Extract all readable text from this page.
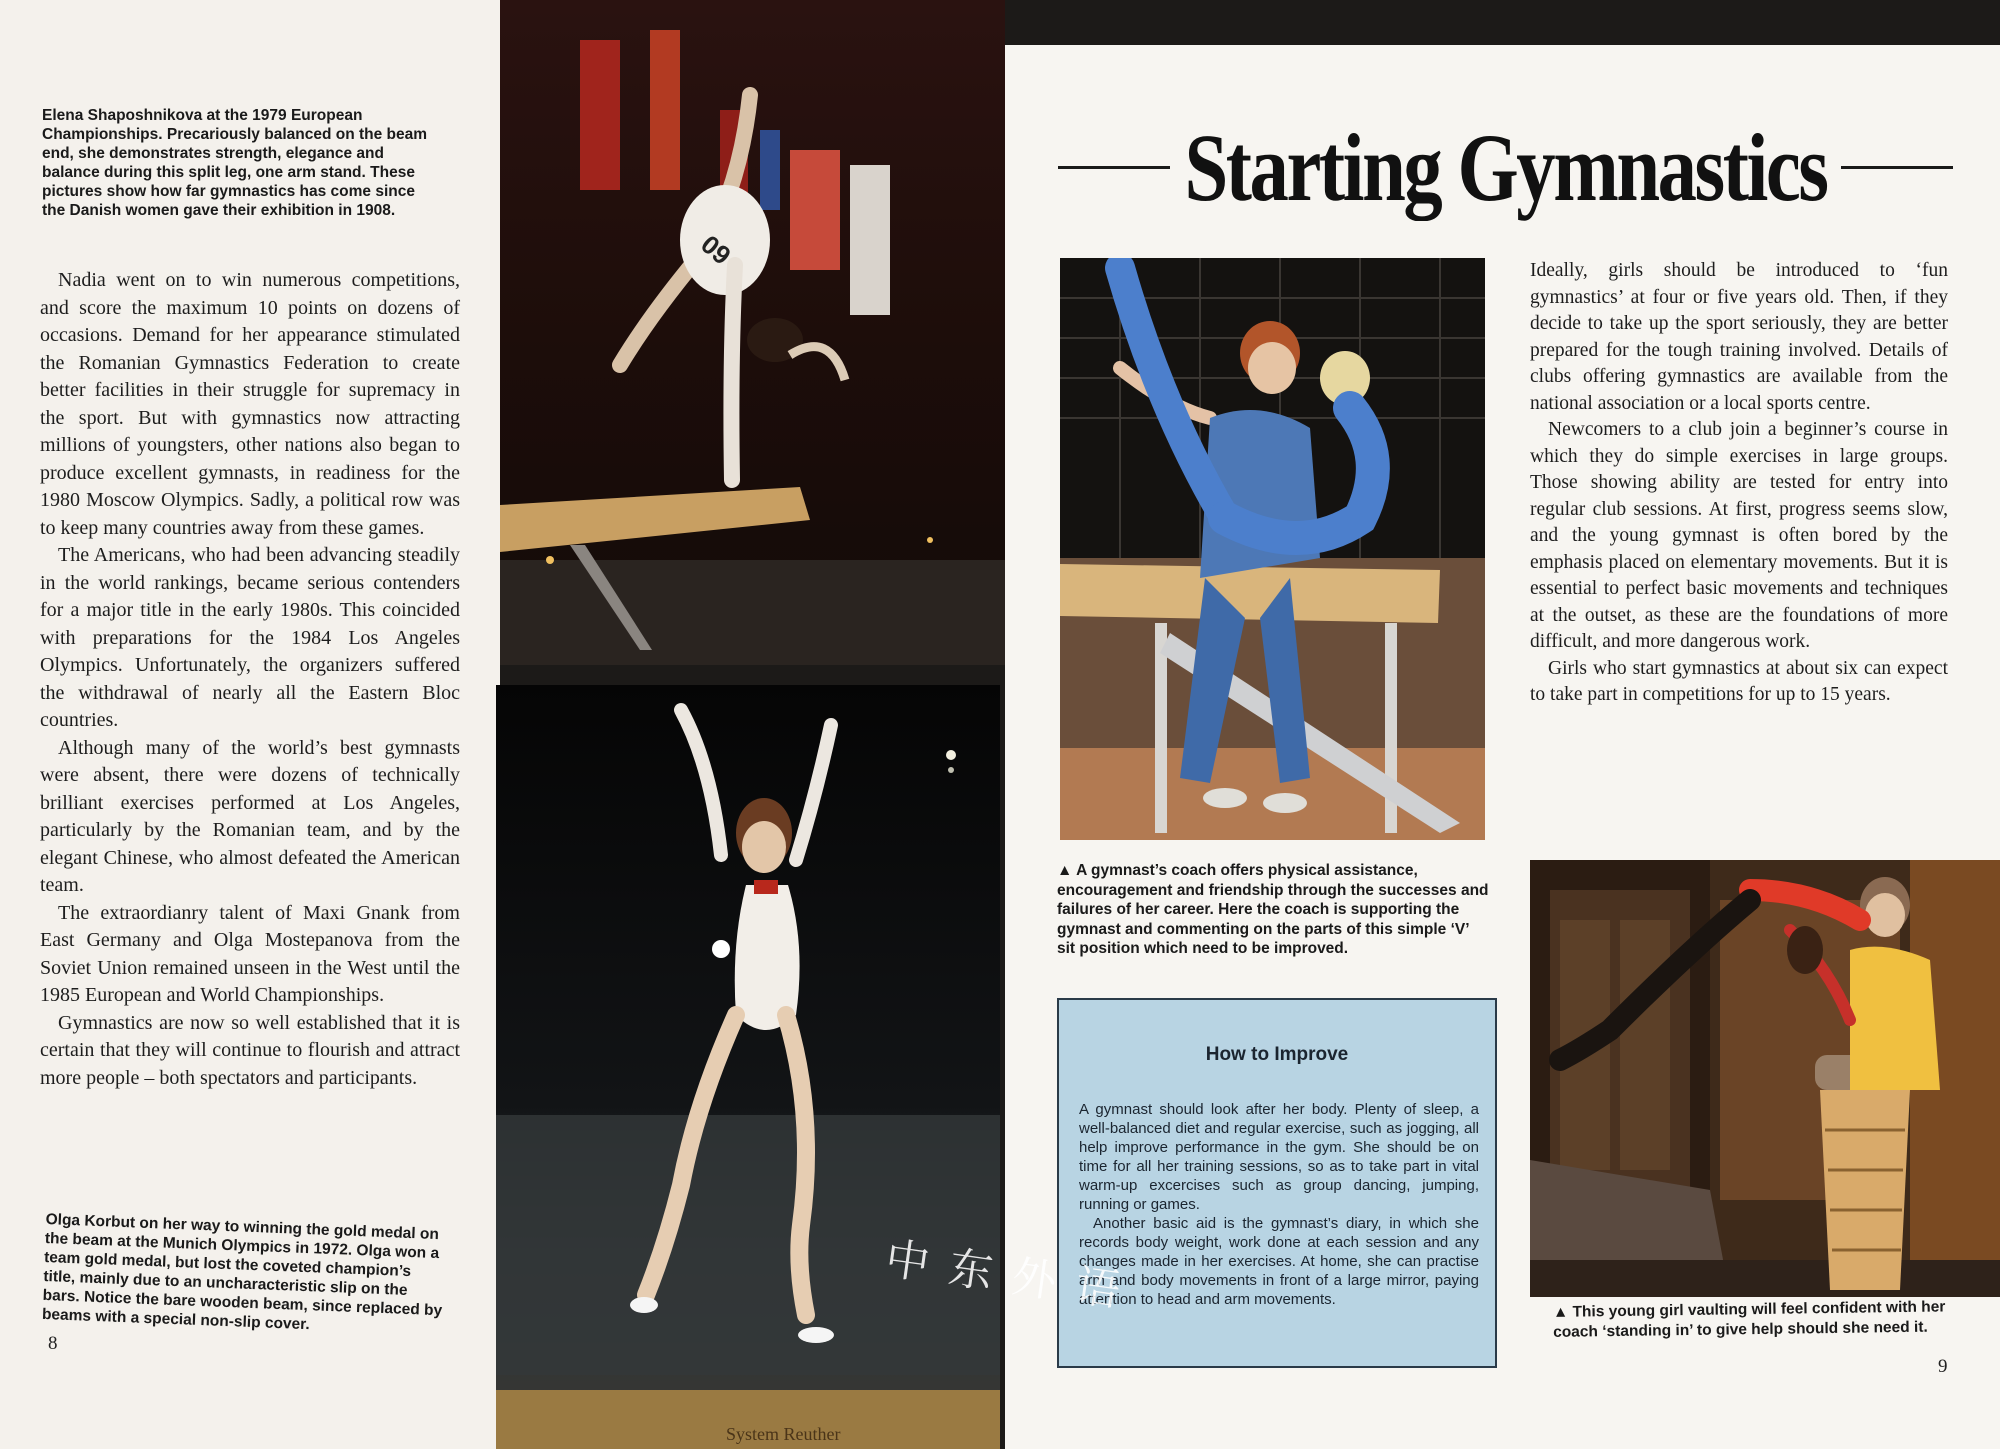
Elena Shaposhnikova at the 1979 European Championships. Precariously balanced on the beam end, she demonstrates strength, elegance and balance during this split leg, one arm stand. These pictures show how far gymnastics has come since the Danish women gave their exhibition in 1908.

Nadia went on to win numerous competitions, and score the maximum 10 points on dozens of occasions. Demand for her appearance stimulated the Romanian Gymnastics Federation to create better facilities in their struggle for supremacy in the sport. But with gymnastics now attracting millions of youngsters, other nations also began to produce excellent gymnasts, in readiness for the 1980 Moscow Olympics. Sadly, a political row was to keep many countries away from these games.

The Americans, who had been advancing steadily in the world rankings, became serious contenders for a major title in the early 1980s. This coincided with preparations for the 1984 Los Angeles Olympics. Unfortunately, the organizers suffered the withdrawal of nearly all the Eastern Bloc countries.

Although many of the world’s best gymnasts were absent, there were dozens of technically brilliant exercises performed at Los Angeles, particularly by the Romanian team, and by the elegant Chinese, who almost defeated the American team.

The extraordianry talent of Maxi Gnank from East Germany and Olga Mostepanova from the Soviet Union remained unseen in the West until the 1985 European and World Championships.

Gymnastics are now so well established that it is certain that they will continue to flourish and attract more people – both spectators and participants.

Olga Korbut on her way to winning the gold medal on the beam at the Munich Olympics in 1972. Olga won a team gold medal, but lost the coveted champion’s title, mainly due to an uncharacteristic slip on the bars. Notice the bare wooden beam, since replaced by beams with a special non-slip cover.

8
09
System Reuther
Starting Gymnastics

▲ A gymnast’s coach offers physical assistance, encouragement and friendship through the successes and failures of her career. Here the coach is supporting the gymnast and commenting on the parts of this simple ‘V’ sit position which need to be improved.

Ideally, girls should be introduced to ‘fun gymnastics’ at four or five years old. Then, if they decide to take up the sport seriously, they are better prepared for the tough training involved. Details of clubs offering gymnastics are available from the national association or a local sports centre.

Newcomers to a club join a beginner’s course in which they do simple exercises in large groups. Those showing ability are tested for entry into regular club sessions. At first, progress seems slow, and the young gymnast is often bored by the emphasis placed on elementary movements. But it is essential to perfect basic movements and techniques at the outset, as these are the foundations of more difficult, and more dangerous work.

Girls who start gymnastics at about six can expect to take part in competitions for up to 15 years.

How to Improve

A gymnast should look after her body. Plenty of sleep, a well-balanced diet and regular exercise, such as jogging, all help improve performance in the gym. She should be on time for all her training sessions, so as to take part in vital warm-up excercises such as group dancing, jumping, running or games.

Another basic aid is the gymnast’s diary, in which she records body weight, work done at each session and any changes made in her exercises. At home, she can practise arm and body movements in front of a large mirror, paying attention to head and arm movements.	▲ This young girl vaulting will feel confident with her coach ‘standing in’ to give help should she need it.

9
中东外语
